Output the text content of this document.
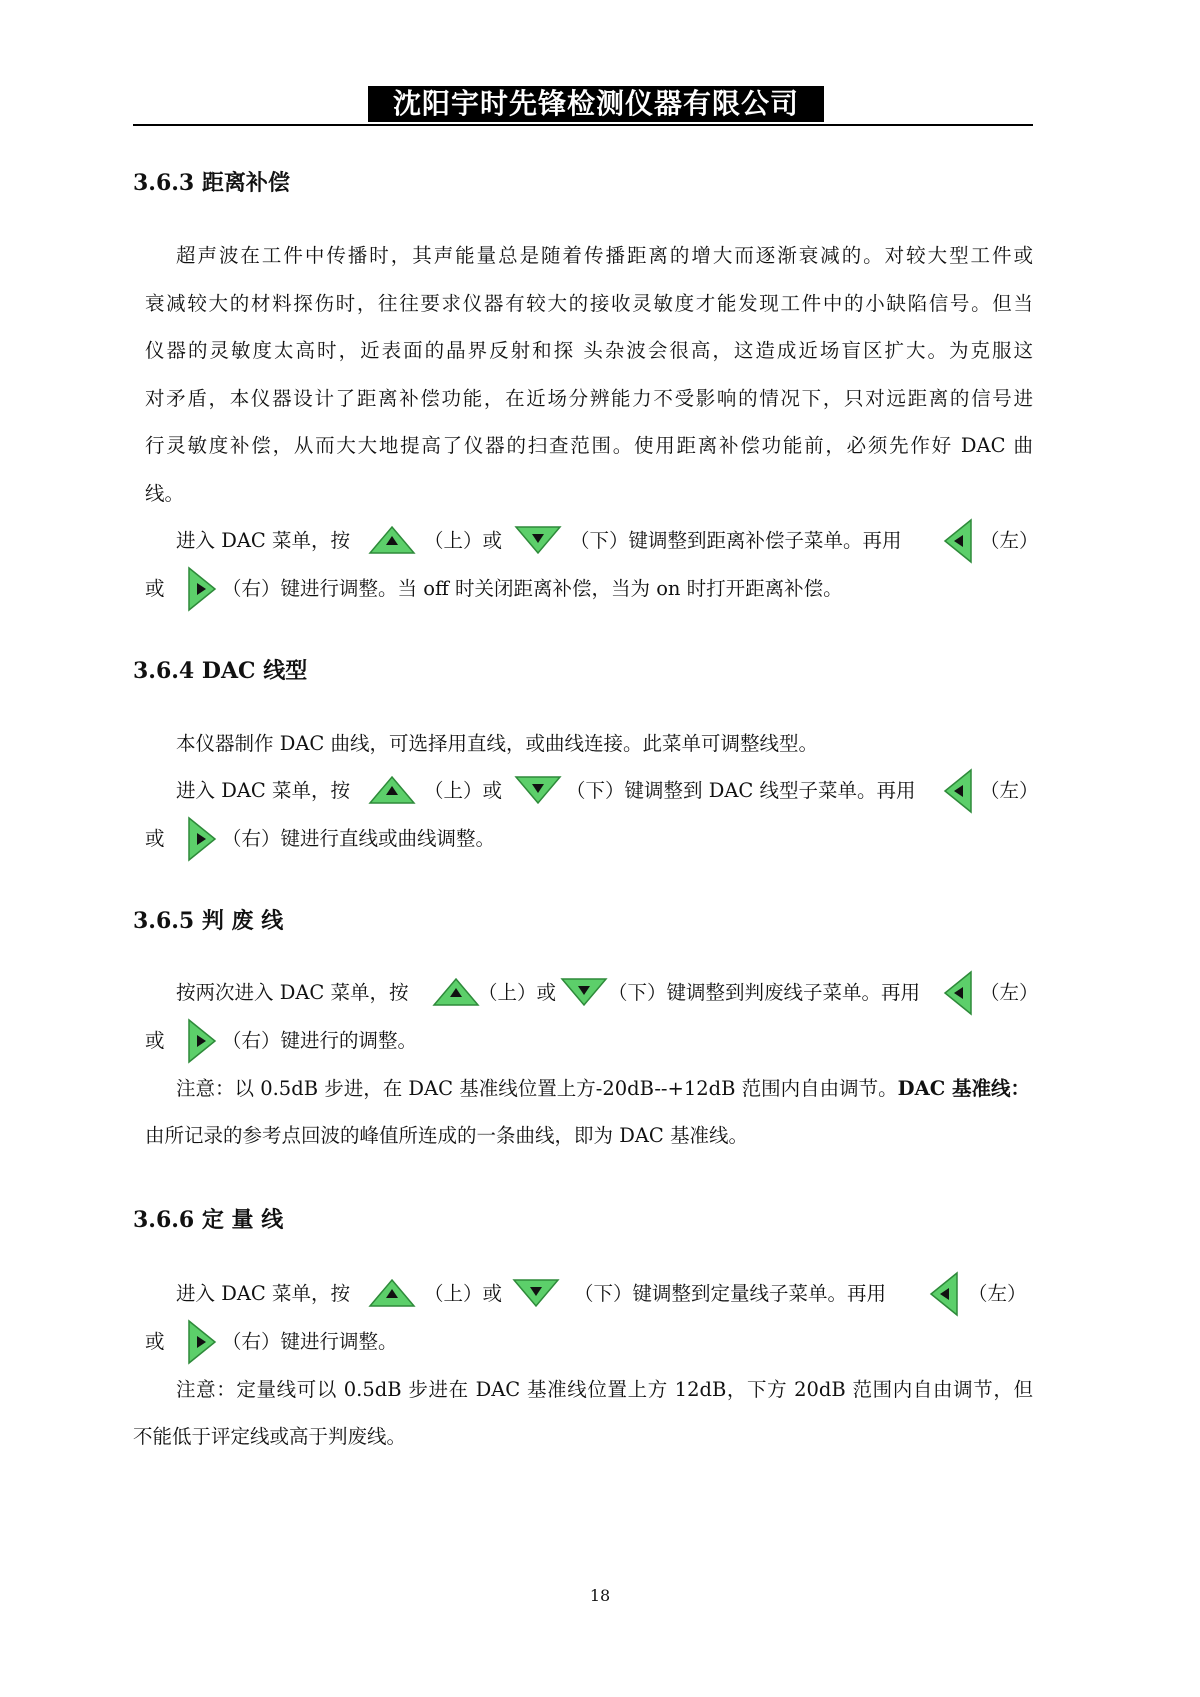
沈阳宇时先锋检测仪器有限公司
3.6.3 距离补偿
超声波在工件中传播时，其声能量总是随着传播距离的增大而逐渐衰减的。对较大型工件或
衰减较大的材料探伤时，往往要求仪器有较大的接收灵敏度才能发现工件中的小缺陷信号。但当
仪器的灵敏度太高时，近表面的晶界反射和探 头杂波会很高，这造成近场盲区扩大。为克服这
对矛盾，本仪器设计了距离补偿功能，在近场分辨能力不受影响的情况下，只对远距离的信号进
行灵敏度补偿，从而大大地提高了仪器的扫查范围。使用距离补偿功能前，必须先作好 DAC 曲
线。
进入 DAC 菜单，按	（上）或	（下）键调整到距离补偿子菜单。再用	（左）
或	（右）键进行调整。当 off 时关闭距离补偿，当为 on 时打开距离补偿。
3.6.4 DAC 线型
本仪器制作 DAC 曲线，可选择用直线，或曲线连接。此菜单可调整线型。
进入 DAC 菜单，按	（上）或	（下）键调整到 DAC 线型子菜单。再用	（左）
或	（右）键进行直线或曲线调整。
3.6.5 判 废 线
按两次进入 DAC 菜单，按	（上）或	（下）键调整到判废线子菜单。再用	（左）
或	（右）键进行的调整。
注意：以 0.5dB 步进，在 DAC 基准线位置上方-20dB--+12dB 范围内自由调节。DAC 基准线：
由所记录的参考点回波的峰值所连成的一条曲线，即为 DAC 基准线。
3.6.6 定 量 线
进入 DAC 菜单，按	（上）或	（下）键调整到定量线子菜单。再用	（左）
或	（右）键进行调整。
注意：定量线可以 0.5dB 步进在 DAC 基准线位置上方 12dB，下方 20dB 范围内自由调节，但
不能低于评定线或高于判废线。
18
